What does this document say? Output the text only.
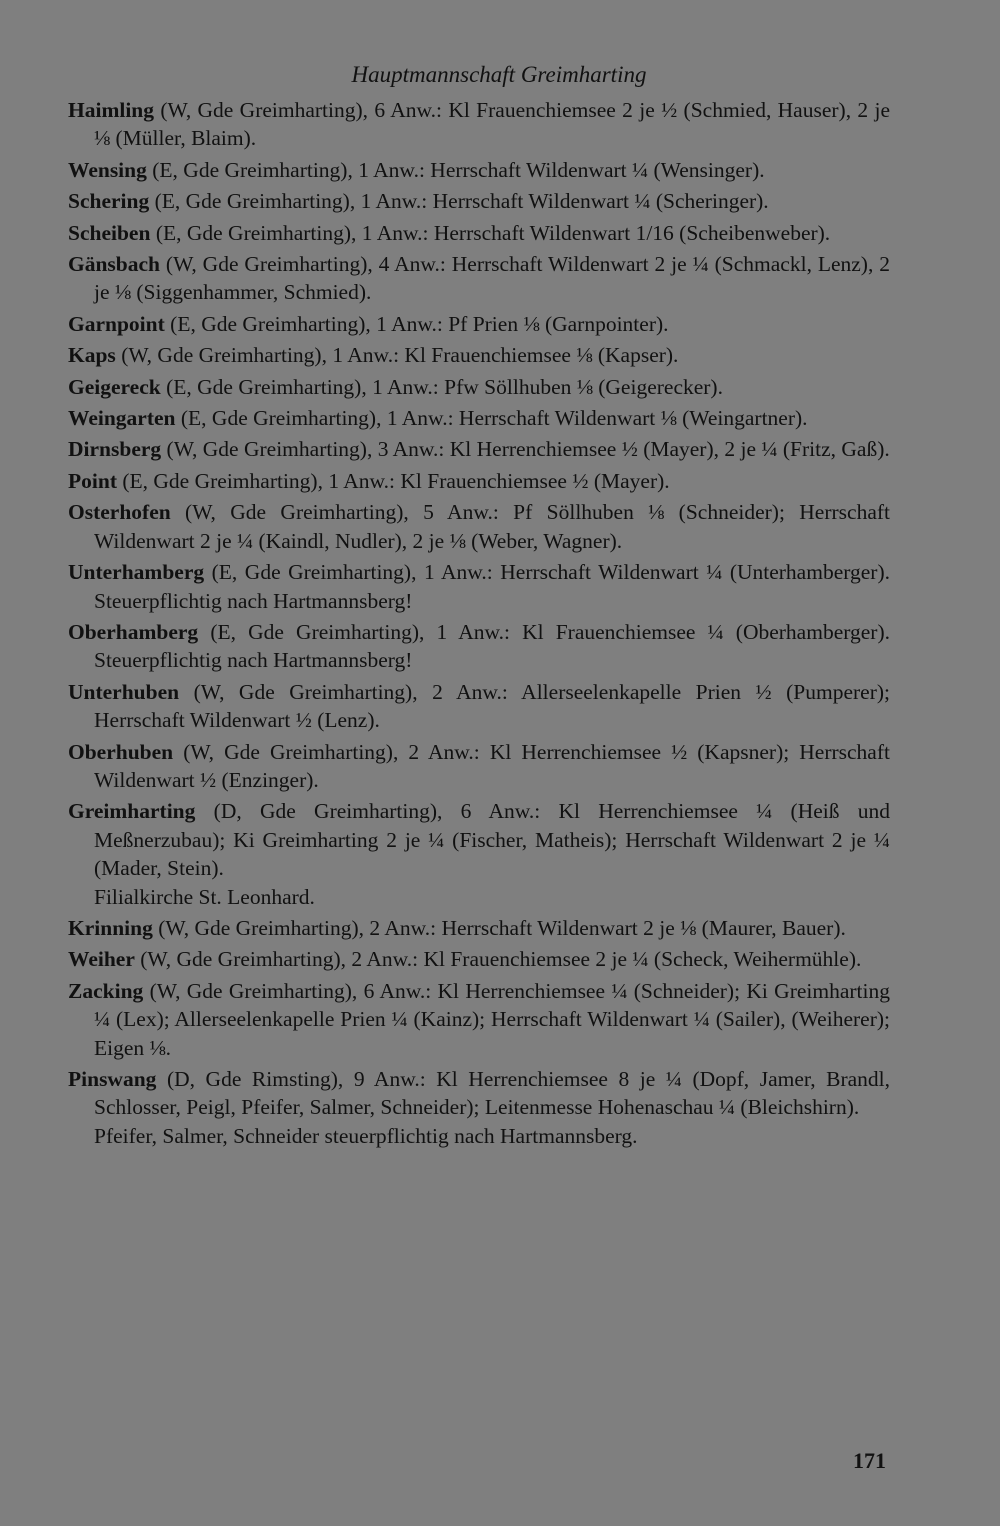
Hauptmannschaft Greimharting
Haimling (W, Gde Greimharting), 6 Anw.: Kl Frauenchiemsee 2 je ½ (Schmied, Hauser), 2 je ⅛ (Müller, Blaim).
Wensing (E, Gde Greimharting), 1 Anw.: Herrschaft Wildenwart ¼ (Wensinger).
Schering (E, Gde Greimharting), 1 Anw.: Herrschaft Wildenwart ¼ (Scheringer).
Scheiben (E, Gde Greimharting), 1 Anw.: Herrschaft Wildenwart 1/16 (Scheibenweber).
Gänsbach (W, Gde Greimharting), 4 Anw.: Herrschaft Wildenwart 2 je ¼ (Schmackl, Lenz), 2 je ⅛ (Siggenhammer, Schmied).
Garnpoint (E, Gde Greimharting), 1 Anw.: Pf Prien ⅛ (Garnpointer).
Kaps (W, Gde Greimharting), 1 Anw.: Kl Frauenchiemsee ⅛ (Kapser).
Geigereck (E, Gde Greimharting), 1 Anw.: Pfw Söllhuben ⅛ (Geigerecker).
Weingarten (E, Gde Greimharting), 1 Anw.: Herrschaft Wildenwart ⅛ (Weingartner).
Dirnsberg (W, Gde Greimharting), 3 Anw.: Kl Herrenchiemsee ½ (Mayer), 2 je ¼ (Fritz, Gaß).
Point (E, Gde Greimharting), 1 Anw.: Kl Frauenchiemsee ½ (Mayer).
Osterhofen (W, Gde Greimharting), 5 Anw.: Pf Söllhuben ⅛ (Schneider); Herrschaft Wildenwart 2 je ¼ (Kaindl, Nudler), 2 je ⅛ (Weber, Wagner).
Unterhamberg (E, Gde Greimharting), 1 Anw.: Herrschaft Wildenwart ¼ (Unterhamberger). Steuerpflichtig nach Hartmannsberg!
Oberhamberg (E, Gde Greimharting), 1 Anw.: Kl Frauenchiemsee ¼ (Oberhamberger). Steuerpflichtig nach Hartmannsberg!
Unterhuben (W, Gde Greimharting), 2 Anw.: Allerseelenkapelle Prien ½ (Pumperer); Herrschaft Wildenwart ½ (Lenz).
Oberhuben (W, Gde Greimharting), 2 Anw.: Kl Herrenchiemsee ½ (Kapsner); Herrschaft Wildenwart ½ (Enzinger).
Greimharting (D, Gde Greimharting), 6 Anw.: Kl Herrenchiemsee ¼ (Heiß und Meßnerzubau); Ki Greimharting 2 je ¼ (Fischer, Matheis); Herrschaft Wildenwart 2 je ¼ (Mader, Stein).
Filialkirche St. Leonhard.
Krinning (W, Gde Greimharting), 2 Anw.: Herrschaft Wildenwart 2 je ⅛ (Maurer, Bauer).
Weiher (W, Gde Greimharting), 2 Anw.: Kl Frauenchiemsee 2 je ¼ (Scheck, Weihermühle).
Zacking (W, Gde Greimharting), 6 Anw.: Kl Herrenchiemsee ¼ (Schneider); Ki Greimharting ¼ (Lex); Allerseelenkapelle Prien ¼ (Kainz); Herrschaft Wildenwart ¼ (Sailer), (Weiherer); Eigen ⅛.
Pinswang (D, Gde Rimsting), 9 Anw.: Kl Herrenchiemsee 8 je ¼ (Dopf, Jamer, Brandl, Schlosser, Peigl, Pfeifer, Salmer, Schneider); Leitenmesse Hohenaschau ¼ (Bleichshirn).
Pfeifer, Salmer, Schneider steuerpflichtig nach Hartmannsberg.
171
